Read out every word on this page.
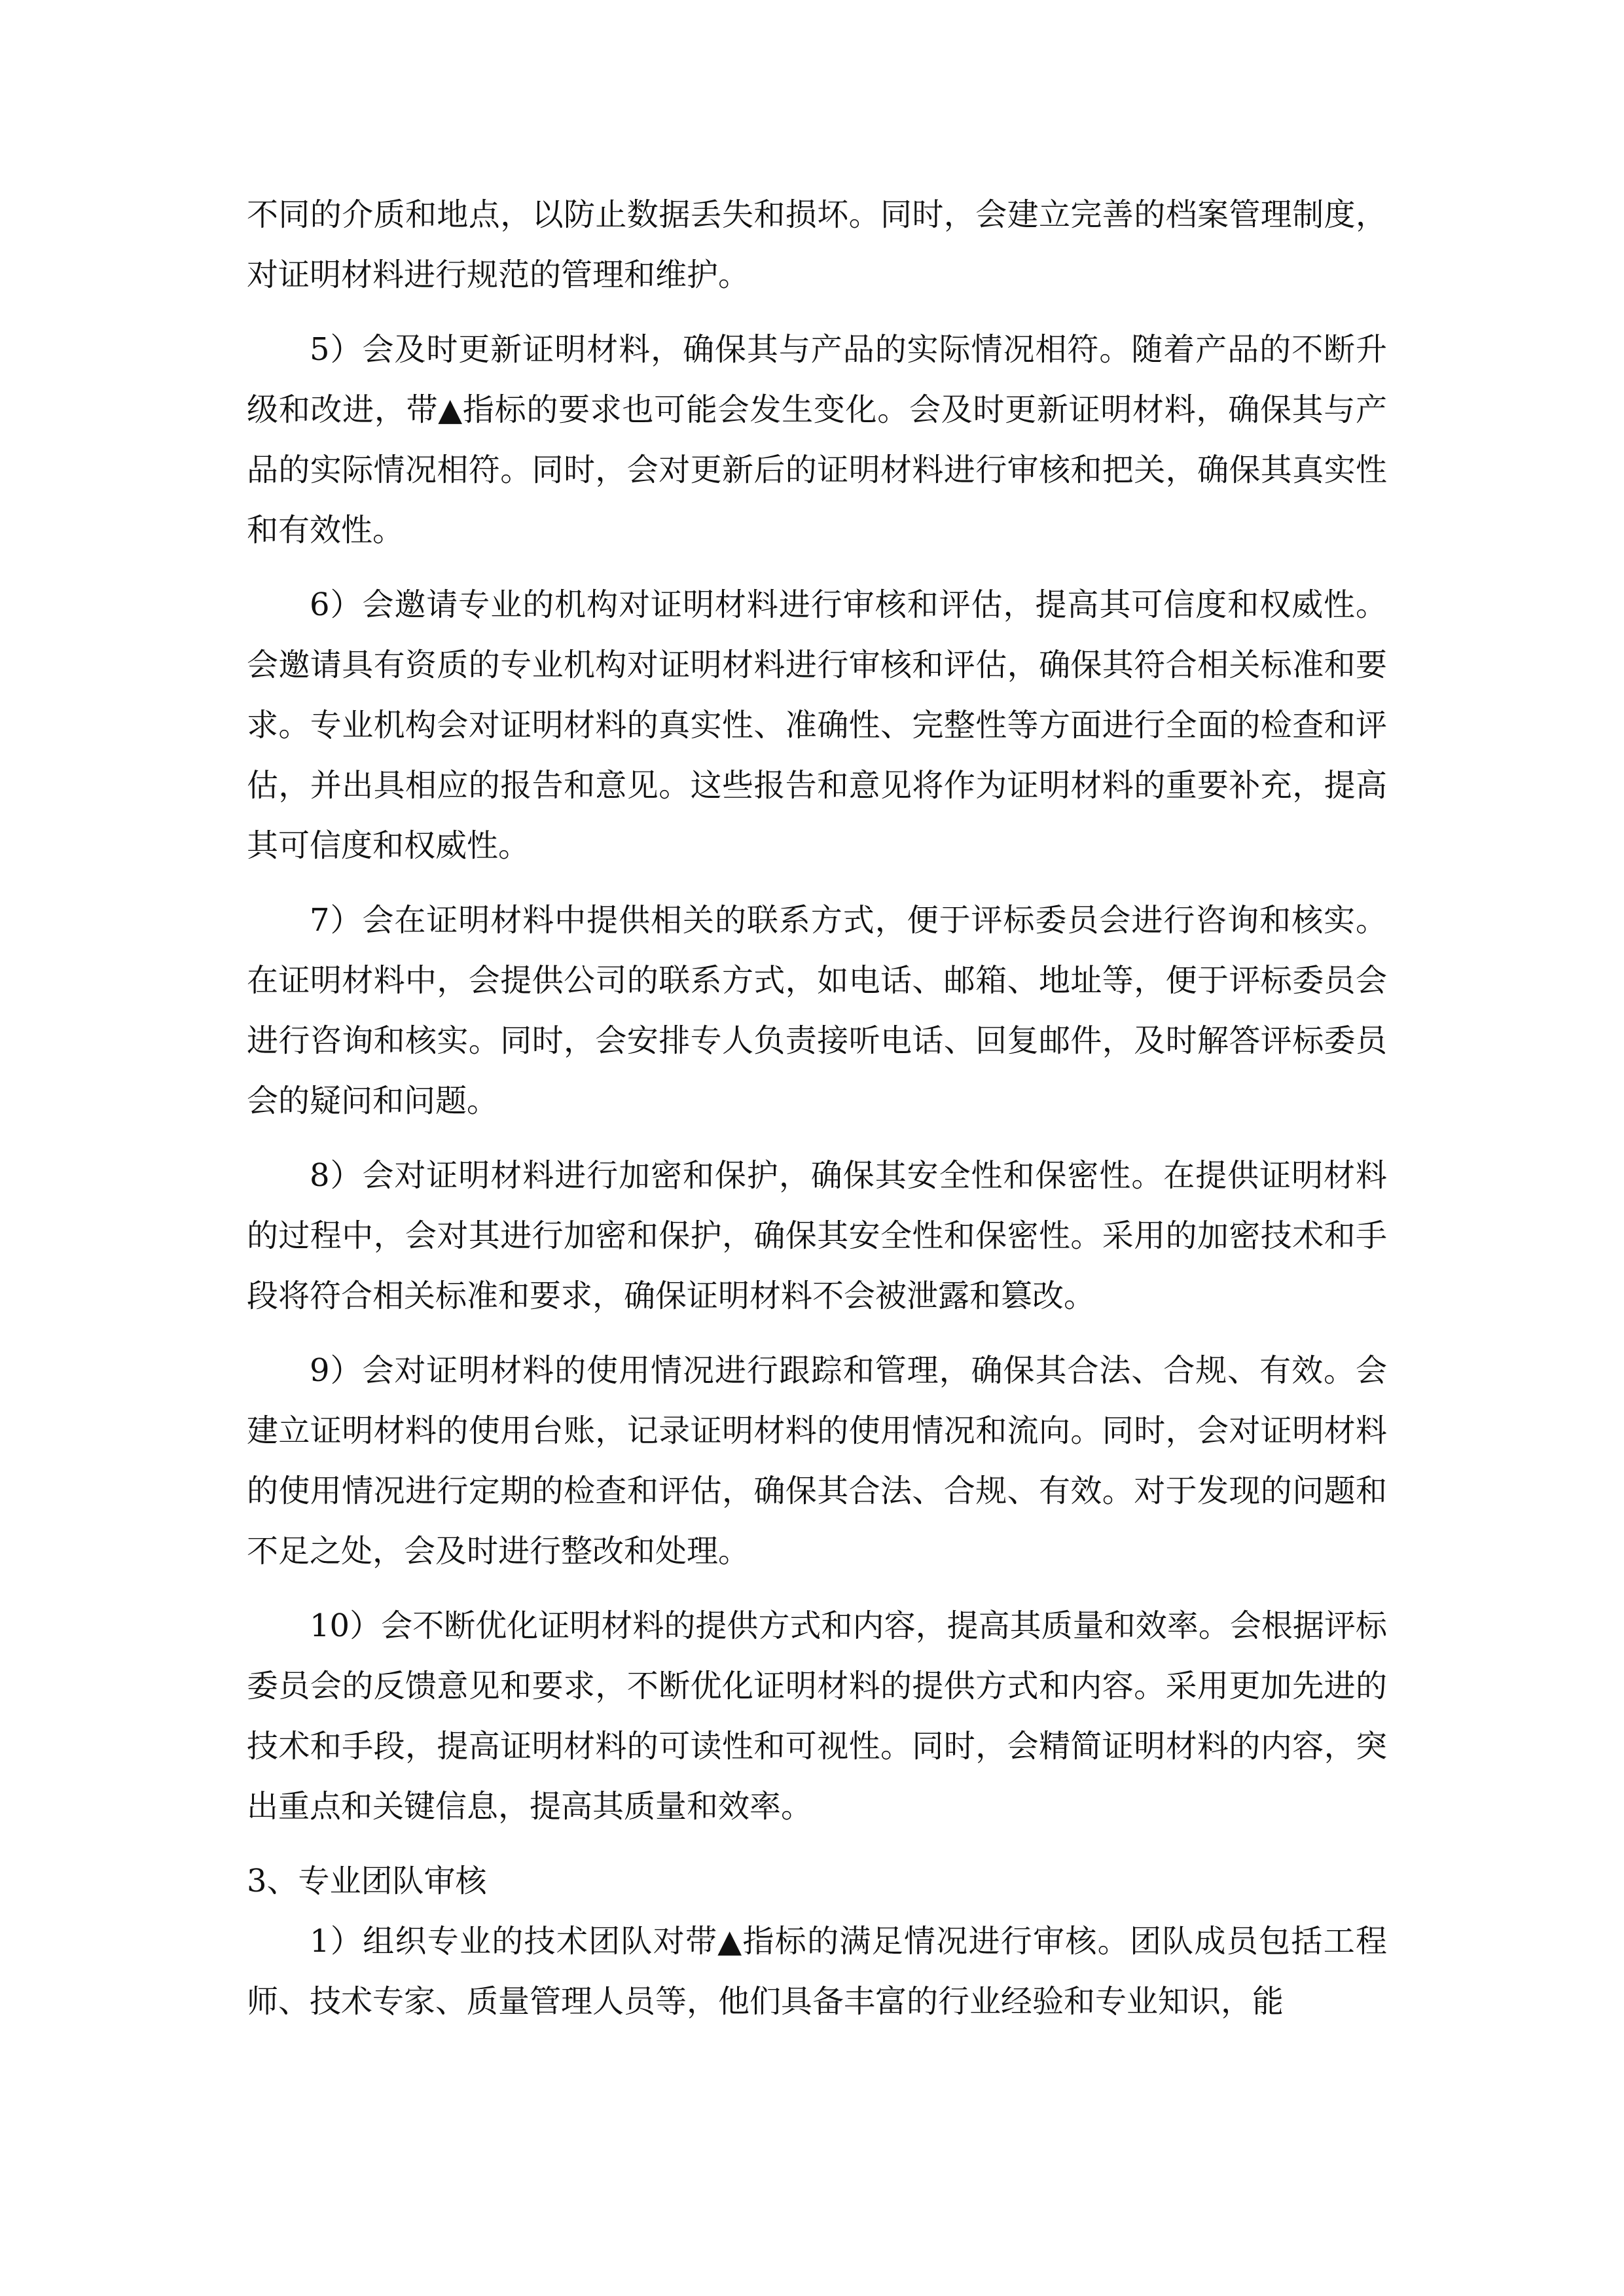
不同的介质和地点，以防止数据丢失和损坏。同时，会建立完善的档案管理制度，对证明材料进行规范的管理和维护。

5）会及时更新证明材料，确保其与产品的实际情况相符。随着产品的不断升级和改进，带▲指标的要求也可能会发生变化。会及时更新证明材料，确保其与产品的实际情况相符。同时，会对更新后的证明材料进行审核和把关，确保其真实性和有效性。

6）会邀请专业的机构对证明材料进行审核和评估，提高其可信度和权威性。会邀请具有资质的专业机构对证明材料进行审核和评估，确保其符合相关标准和要求。专业机构会对证明材料的真实性、准确性、完整性等方面进行全面的检查和评估，并出具相应的报告和意见。这些报告和意见将作为证明材料的重要补充，提高其可信度和权威性。

7）会在证明材料中提供相关的联系方式，便于评标委员会进行咨询和核实。在证明材料中，会提供公司的联系方式，如电话、邮箱、地址等，便于评标委员会进行咨询和核实。同时，会安排专人负责接听电话、回复邮件，及时解答评标委员会的疑问和问题。

8）会对证明材料进行加密和保护，确保其安全性和保密性。在提供证明材料的过程中，会对其进行加密和保护，确保其安全性和保密性。采用的加密技术和手段将符合相关标准和要求，确保证明材料不会被泄露和篡改。

9）会对证明材料的使用情况进行跟踪和管理，确保其合法、合规、有效。会建立证明材料的使用台账，记录证明材料的使用情况和流向。同时，会对证明材料的使用情况进行定期的检查和评估，确保其合法、合规、有效。对于发现的问题和不足之处，会及时进行整改和处理。

10）会不断优化证明材料的提供方式和内容，提高其质量和效率。会根据评标委员会的反馈意见和要求，不断优化证明材料的提供方式和内容。采用更加先进的技术和手段，提高证明材料的可读性和可视性。同时，会精简证明材料的内容，突出重点和关键信息，提高其质量和效率。

3、专业团队审核

1）组织专业的技术团队对带▲指标的满足情况进行审核。团队成员包括工程师、技术专家、质量管理人员等，他们具备丰富的行业经验和专业知识，能
